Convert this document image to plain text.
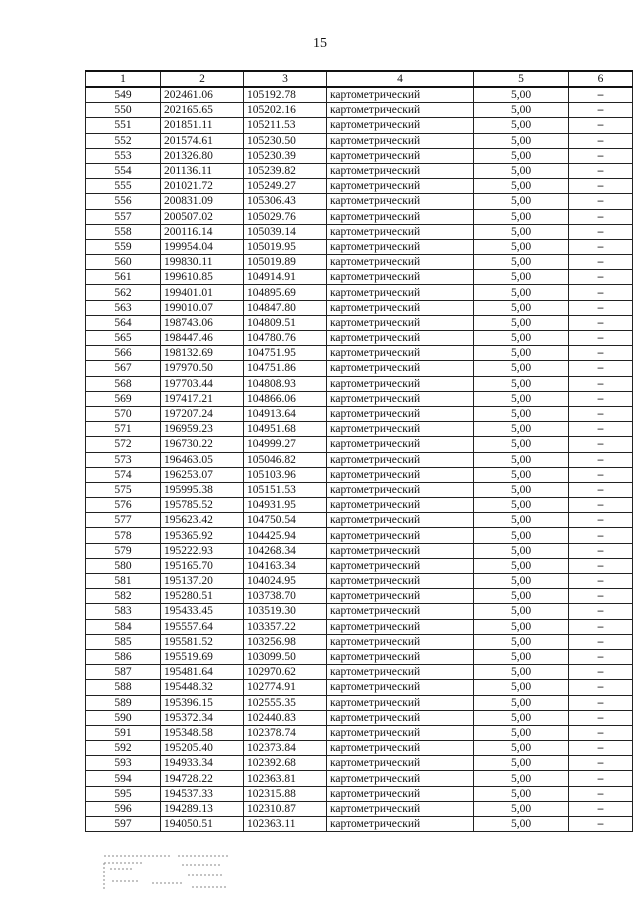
15
1	2	3	4	5	6
549	202461.06	105192.78	картометрический	5,00	–
550	202165.65	105202.16	картометрический	5,00	–
551	201851.11	105211.53	картометрический	5,00	–
552	201574.61	105230.50	картометрический	5,00	–
553	201326.80	105230.39	картометрический	5,00	–
554	201136.11	105239.82	картометрический	5,00	–
555	201021.72	105249.27	картометрический	5,00	–
556	200831.09	105306.43	картометрический	5,00	–
557	200507.02	105029.76	картометрический	5,00	–
558	200116.14	105039.14	картометрический	5,00	–
559	199954.04	105019.95	картометрический	5,00	–
560	199830.11	105019.89	картометрический	5,00	–
561	199610.85	104914.91	картометрический	5,00	–
562	199401.01	104895.69	картометрический	5,00	–
563	199010.07	104847.80	картометрический	5,00	–
564	198743.06	104809.51	картометрический	5,00	–
565	198447.46	104780.76	картометрический	5,00	–
566	198132.69	104751.95	картометрический	5,00	–
567	197970.50	104751.86	картометрический	5,00	–
568	197703.44	104808.93	картометрический	5,00	–
569	197417.21	104866.06	картометрический	5,00	–
570	197207.24	104913.64	картометрический	5,00	–
571	196959.23	104951.68	картометрический	5,00	–
572	196730.22	104999.27	картометрический	5,00	–
573	196463.05	105046.82	картометрический	5,00	–
574	196253.07	105103.96	картометрический	5,00	–
575	195995.38	105151.53	картометрический	5,00	–
576	195785.52	104931.95	картометрический	5,00	–
577	195623.42	104750.54	картометрический	5,00	–
578	195365.92	104425.94	картометрический	5,00	–
579	195222.93	104268.34	картометрический	5,00	–
580	195165.70	104163.34	картометрический	5,00	–
581	195137.20	104024.95	картометрический	5,00	–
582	195280.51	103738.70	картометрический	5,00	–
583	195433.45	103519.30	картометрический	5,00	–
584	195557.64	103357.22	картометрический	5,00	–
585	195581.52	103256.98	картометрический	5,00	–
586	195519.69	103099.50	картометрический	5,00	–
587	195481.64	102970.62	картометрический	5,00	–
588	195448.32	102774.91	картометрический	5,00	–
589	195396.15	102555.35	картометрический	5,00	–
590	195372.34	102440.83	картометрический	5,00	–
591	195348.58	102378.74	картометрический	5,00	–
592	195205.40	102373.84	картометрический	5,00	–
593	194933.34	102392.68	картометрический	5,00	–
594	194728.22	102363.81	картометрический	5,00	–
595	194537.33	102315.88	картометрический	5,00	–
596	194289.13	102310.87	картометрический	5,00	–
597	194050.51	102363.11	картометрический	5,00	–
